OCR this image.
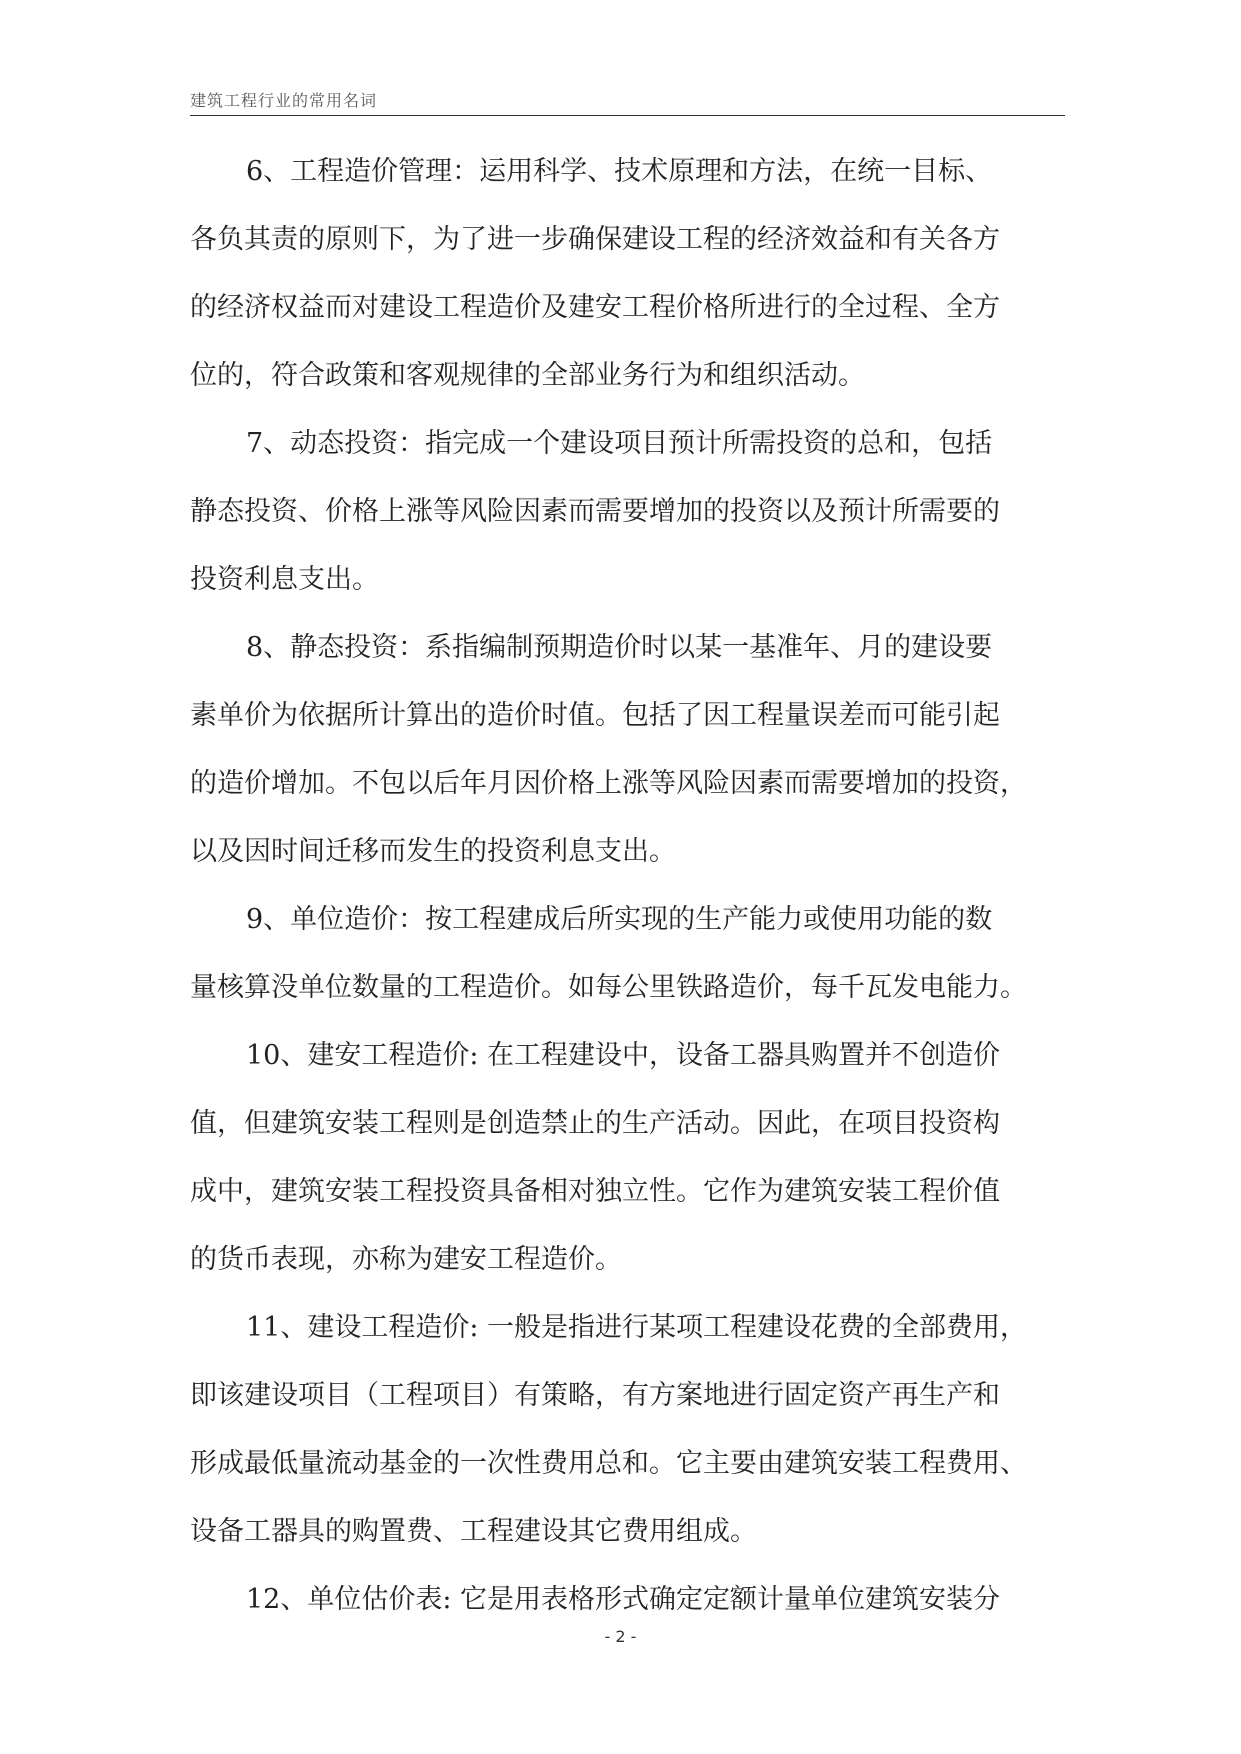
建筑工程行业的常用名词
6、工程造价管理：运用科学、技术原理和方法，在统一目标、
各负其责的原则下，为了进一步确保建设工程的经济效益和有关各方
的经济权益而对建设工程造价及建安工程价格所进行的全过程、全方
位的，符合政策和客观规律的全部业务行为和组织活动。
7、动态投资：指完成一个建设项目预计所需投资的总和，包括
静态投资、价格上涨等风险因素而需要增加的投资以及预计所需要的
投资利息支出。
8、静态投资：系指编制预期造价时以某一基准年、月的建设要
素单价为依据所计算出的造价时值。包括了因工程量误差而可能引起
的造价增加。不包以后年月因价格上涨等风险因素而需要增加的投资，
以及因时间迁移而发生的投资利息支出。
9、单位造价：按工程建成后所实现的生产能力或使用功能的数
量核算没单位数量的工程造价。如每公里铁路造价，每千瓦发电能力。
10、建安工程造价: 在工程建设中，设备工器具购置并不创造价
值，但建筑安装工程则是创造禁止的生产活动。因此，在项目投资构
成中，建筑安装工程投资具备相对独立性。它作为建筑安装工程价值
的货币表现，亦称为建安工程造价。
11、建设工程造价: 一般是指进行某项工程建设花费的全部费用，
即该建设项目（工程项目）有策略，有方案地进行固定资产再生产和
形成最低量流动基金的一次性费用总和。它主要由建筑安装工程费用、
设备工器具的购置费、工程建设其它费用组成。
12、单位估价表: 它是用表格形式确定定额计量单位建筑安装分
- 2 -
